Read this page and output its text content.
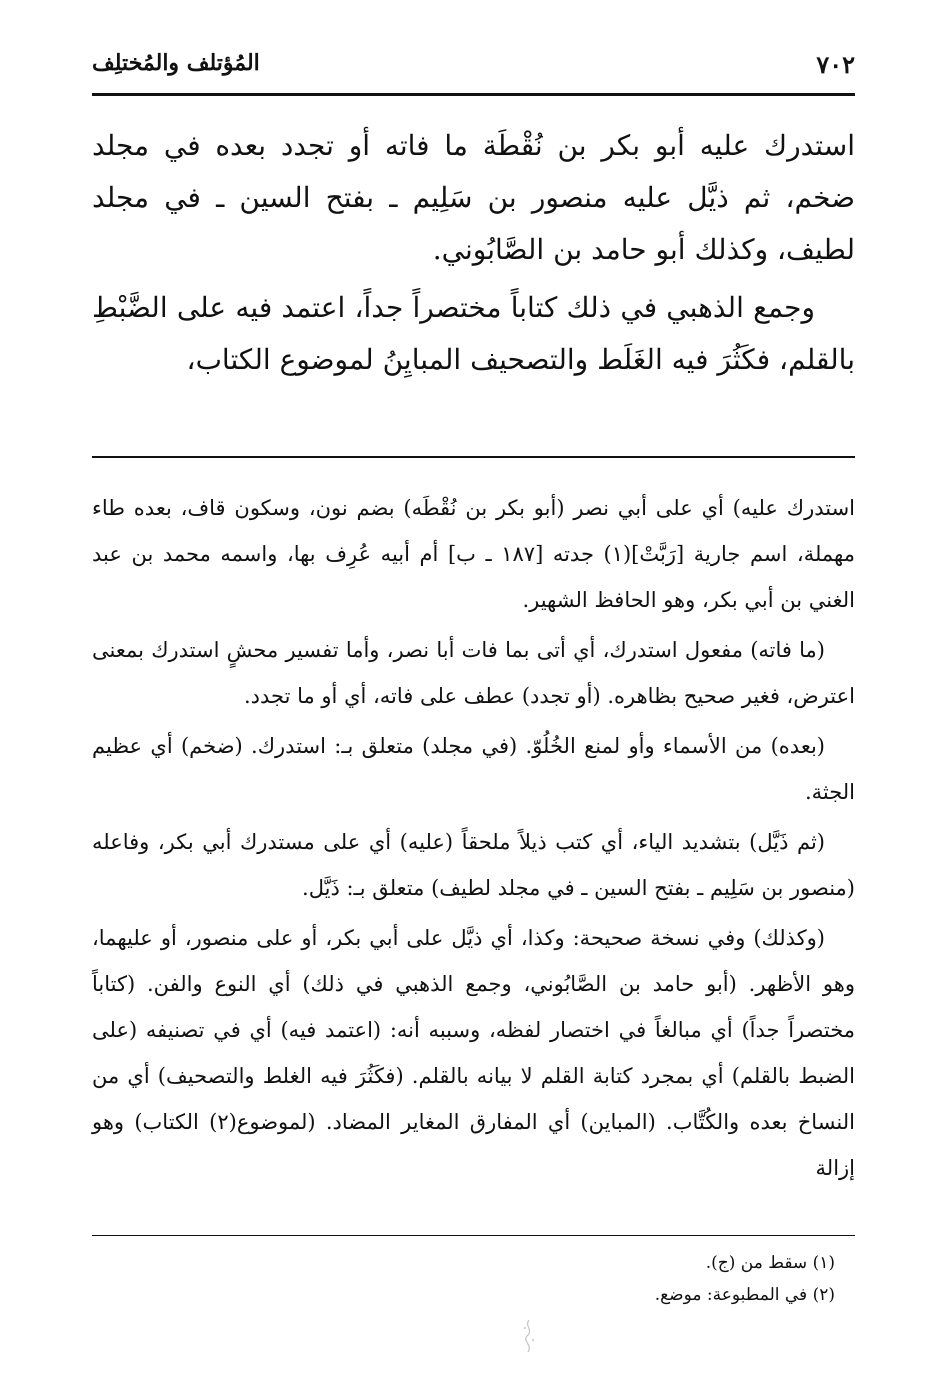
٧٠٢
المُؤتلف والمُختلِف

استدرك عليه أبو بكر بن نُقْطَة ما فاته أو تجدد بعده في مجلد ضخم، ثم ذيَّل عليه منصور بن سَلِيم ـ بفتح السين ـ في مجلد لطيف، وكذلك أبو حامد بن الصَّابُوني.

وجمع الذهبي في ذلك كتاباً مختصراً جداً، اعتمد فيه على الضَّبْطِ بالقلم، فكَثُرَ فيه الغَلَط والتصحيف المبايِنُ لموضوع الكتاب،

استدرك عليه) أي على أبي نصر (أبو بكر بن نُقْطَه) بضم نون، وسكون قاف، بعده طاء مهملة، اسم جارية [رَبَّتْ](١) جدته [١٨٧ ـ ب] أم أبيه عُرِف بها، واسمه محمد بن عبد الغني بن أبي بكر، وهو الحافظ الشهير.

(ما فاته) مفعول استدرك، أي أتى بما فات أبا نصر، وأما تفسير محشٍ استدرك بمعنى اعترض، فغير صحيح بظاهره. (أو تجدد) عطف على فاته، أي أو ما تجدد.

(بعده) من الأسماء وأو لمنع الخُلُوّ. (في مجلد) متعلق بـ: استدرك. (ضخم) أي عظيم الجثة.

(ثم ذَيَّل) بتشديد الياء، أي كتب ذيلاً ملحقاً (عليه) أي على مستدرك أبي بكر، وفاعله (منصور بن سَلِيم ـ بفتح السين ـ في مجلد لطيف) متعلق بـ: ذَيَّل.

(وكذلك) وفي نسخة صحيحة: وكذا، أي ذيَّل على أبي بكر، أو على منصور، أو عليهما، وهو الأظهر. (أبو حامد بن الصَّابُوني، وجمع الذهبي في ذلك) أي النوع والفن. (كتاباً مختصراً جداً) أي مبالغاً في اختصار لفظه، وسببه أنه: (اعتمد فيه) أي في تصنيفه (على الضبط بالقلم) أي بمجرد كتابة القلم لا بيانه بالقلم. (فكَثُرَ فيه الغلط والتصحيف) أي من النساخ بعده والكُتَّاب. (المباين) أي المفارق المغاير المضاد. (لموضوع(٢) الكتاب) وهو إزالة

(١) سقط من (ج).
(٢) في المطبوعة: موضع.
